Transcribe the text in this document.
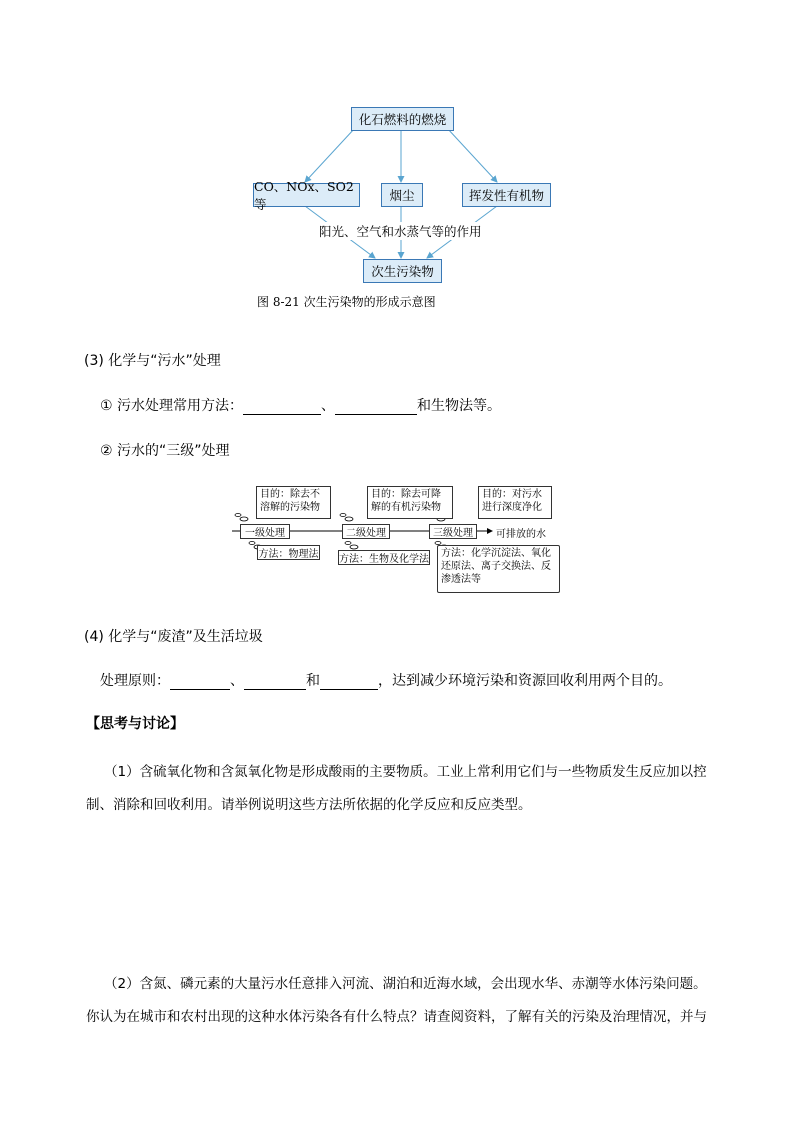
化石燃料的燃烧
CO、NOx、SO2等
烟尘	挥发性有机物
阳光、空气和水蒸气等的作用
次生污染物
图 8-21 次生污染物的形成示意图
(3) 化学与“污水”处理
① 污水处理常用方法：	、	和生物法等。
② 污水的“三级”处理
目的：除去不溶解的污染物
目的：除去可降解的有机污染物
目的：对污水进行深度净化
一级处理	二级处理	三级处理 可排放的水
方法：物理法 方法：生物及化学法
方法：化学沉淀法、氧化还原法、离子交换法、反渗透法等
(4) 化学与“废渣”及生活垃圾
处理原则：	、	和	，达到减少环境污染和资源回收利用两个目的。
【思考与讨论】
（1）含硫氧化物和含氮氧化物是形成酸雨的主要物质。工业上常利用它们与一些物质发生反应加以控
制、消除和回收利用。请举例说明这些方法所依据的化学反应和反应类型。
（2）含氮、磷元素的大量污水任意排入河流、湖泊和近海水域，会出现水华、赤潮等水体污染问题。
你认为在城市和农村出现的这种水体污染各有什么特点？请查阅资料，了解有关的污染及治理情况，并与
